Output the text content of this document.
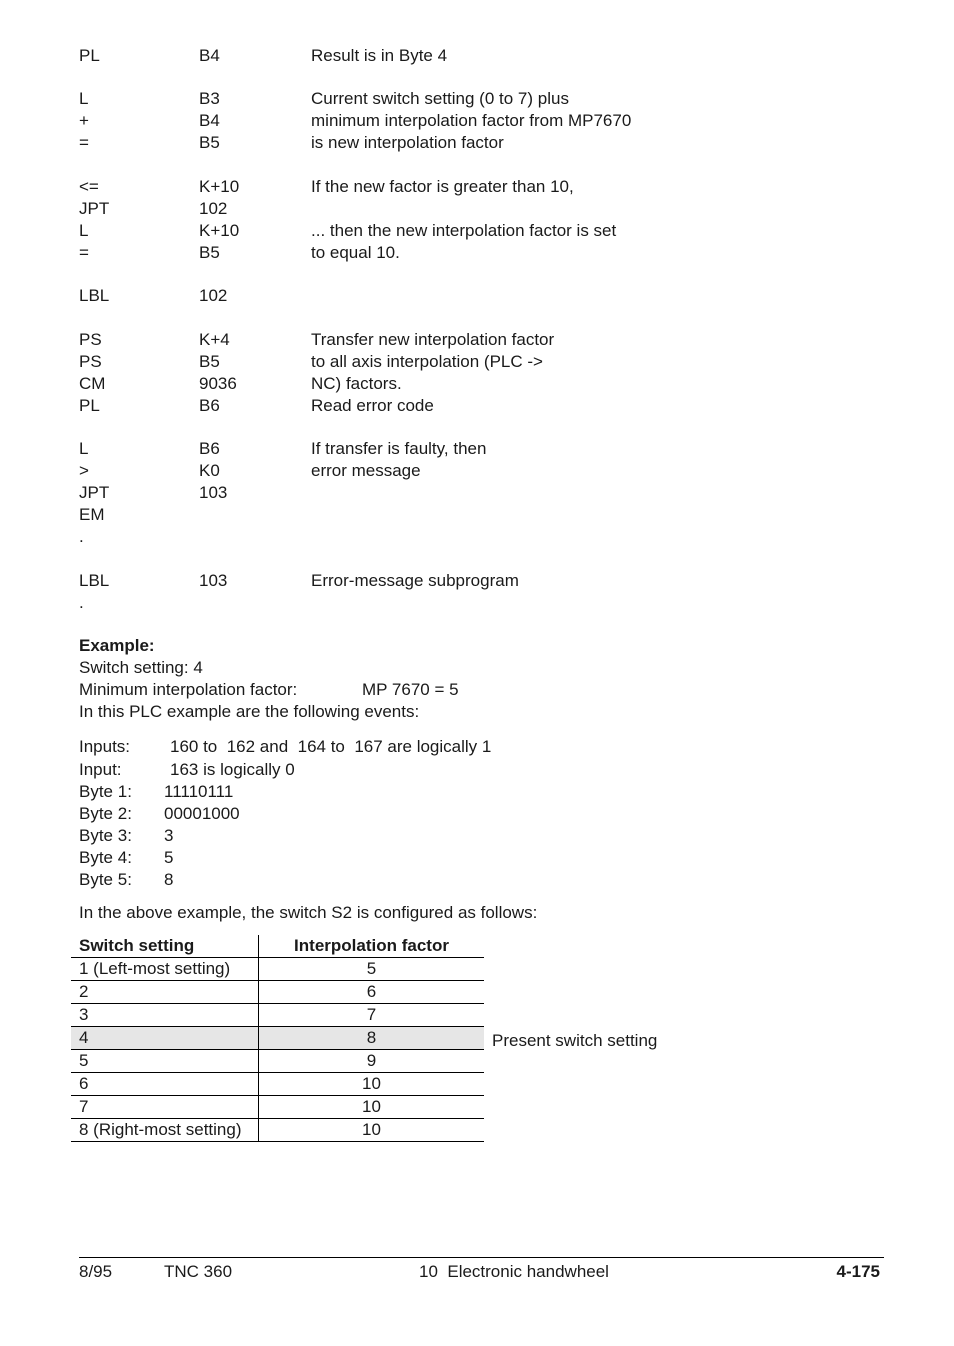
PL	B4	Result is in Byte 4
L	B3	Current switch setting (0 to 7) plus
+	B4	minimum interpolation factor from MP7670
=	B5	is new interpolation factor
<=	K+10	If the new factor is greater than 10,
JPT	102
L	K+10	... then the new interpolation factor is set
=	B5	to equal 10.
LBL	102
PS	K+4	Transfer new interpolation factor
PS	B5	to all axis interpolation (PLC ->
CM	9036	NC) factors.
PL	B6	Read error code
L	B6	If transfer is faulty, then
>	K0	error message
JPT	103
EM
.
LBL	103	Error-message subprogram
.
Example:
Switch setting: 4
Minimum interpolation factor:	MP 7670 = 5
In this PLC example are the following events:
Inputs: 160 to  162 and  164 to  167 are logically 1
Input:	163 is logically 0
Byte 1: 11110111
Byte 2: 00001000
Byte 3: 3
Byte 4: 5
Byte 5: 8
In the above example, the switch S2 is configured as follows:
Switch setting	Interpolation factor
1 (Left-most setting)	5
2	6
3	7
4	8
5	9
6	10
7	10
8 (Right-most setting)	10
Present switch setting
8/95	TNC 360	10  Electronic handwheel	4-175
